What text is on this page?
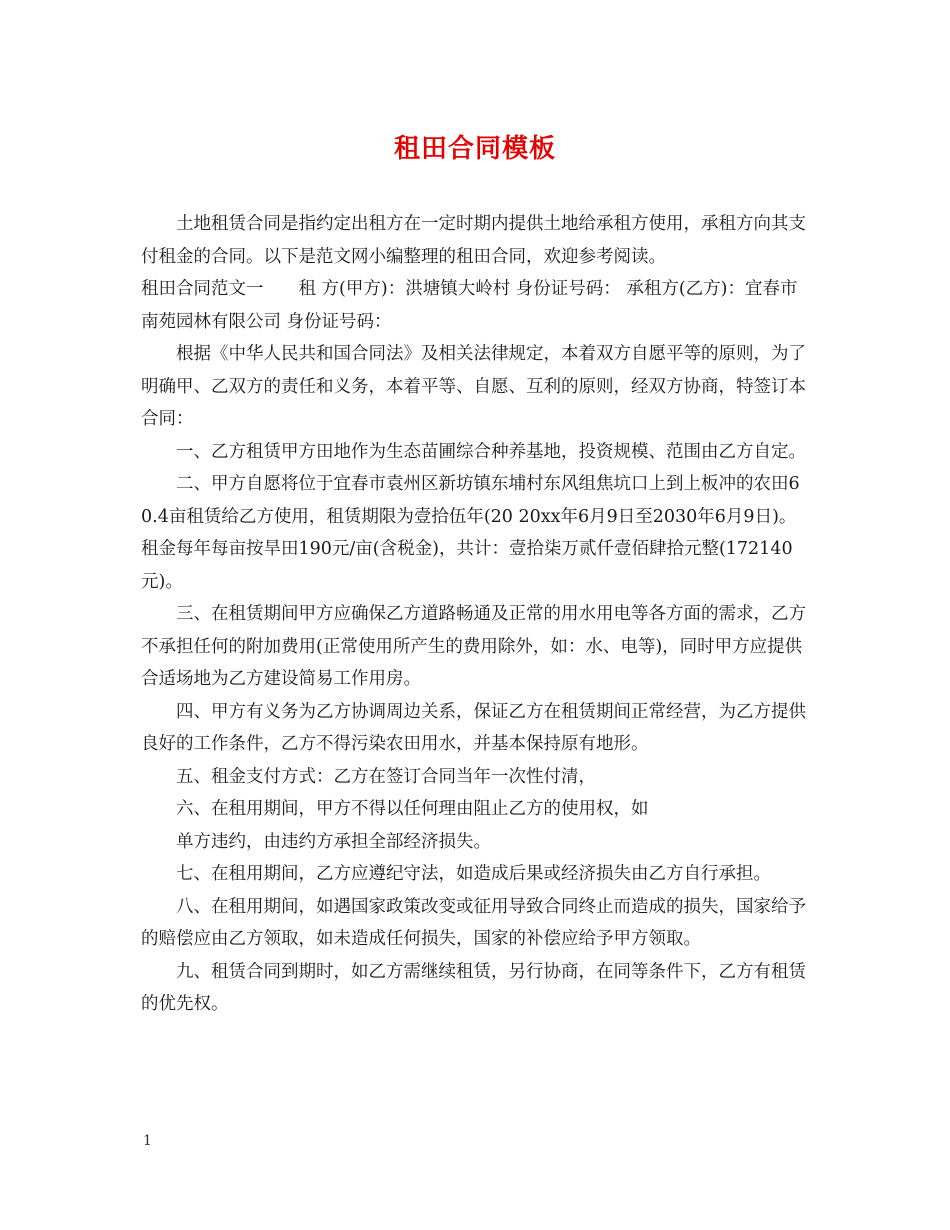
租田合同模板

土地租赁合同是指约定出租方在一定时期内提供土地给承租方使用，承租方向其支付租金的合同。以下是范文网小编整理的租田合同，欢迎参考阅读。

租田合同范文一　　租 方(甲方)：洪塘镇大岭村 身份证号码： 承租方(乙方)：宜春市南苑园林有限公司 身份证号码：

根据《中华人民共和国合同法》及相关法律规定，本着双方自愿平等的原则，为了明确甲、乙双方的责任和义务，本着平等、自愿、互利的原则，经双方协商，特签订本合同：

一、乙方租赁甲方田地作为生态苗圃综合种养基地，投资规模、范围由乙方自定。

二、甲方自愿将位于宜春市袁州区新坊镇东埔村东风组焦坑口上到上板冲的农田60.4亩租赁给乙方使用，租赁期限为壹拾伍年(20 20xx年6月9日至2030年6月9日)。租金每年每亩按旱田190元/亩(含税金)，共计：壹拾柒万贰仟壹佰肆拾元整(172140元)。

三、在租赁期间甲方应确保乙方道路畅通及正常的用水用电等各方面的需求，乙方不承担任何的附加费用(正常使用所产生的费用除外，如：水、电等)，同时甲方应提供合适场地为乙方建设简易工作用房。

四、甲方有义务为乙方协调周边关系，保证乙方在租赁期间正常经营，为乙方提供良好的工作条件，乙方不得污染农田用水，并基本保持原有地形。

五、租金支付方式：乙方在签订合同当年一次性付清，

六、在租用期间，甲方不得以任何理由阻止乙方的使用权，如

单方违约，由违约方承担全部经济损失。

七、在租用期间，乙方应遵纪守法，如造成后果或经济损失由乙方自行承担。

八、在租用期间，如遇国家政策改变或征用导致合同终止而造成的损失，国家给予的赔偿应由乙方领取，如未造成任何损失，国家的补偿应给予甲方领取。

九、租赁合同到期时，如乙方需继续租赁，另行协商，在同等条件下，乙方有租赁的优先权。

1
